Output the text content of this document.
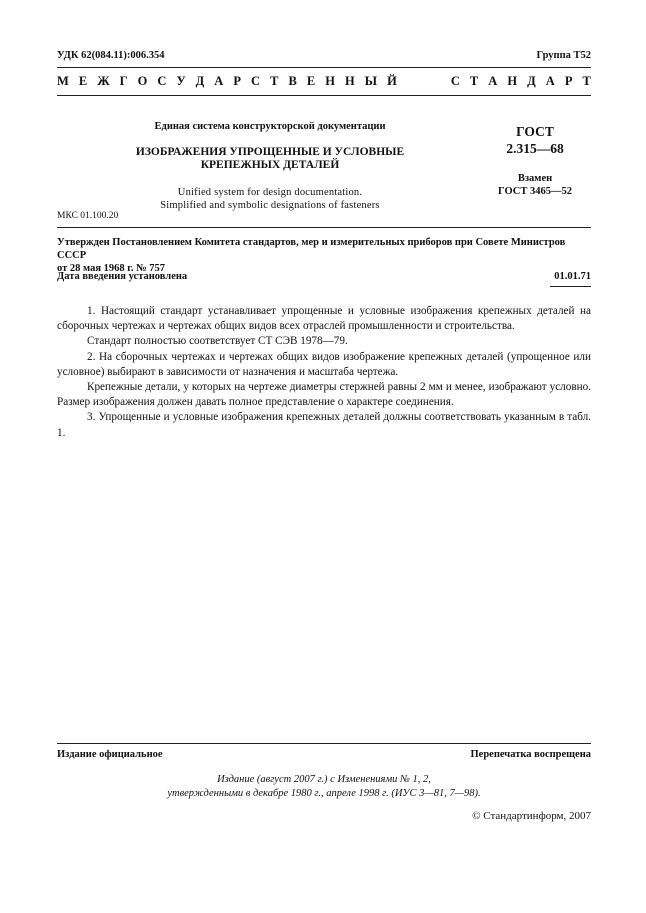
УДК 62(084.11):006.354	Группа Т52
М Е Ж Г О С У Д А Р С Т В Е Н Н Ы Й	С Т А Н Д А Р Т
Единая система конструкторской документации
ИЗОБРАЖЕНИЯ УПРОЩЕННЫЕ И УСЛОВНЫЕ
КРЕПЕЖНЫХ ДЕТАЛЕЙ
Unified system for design documentation.
Simplified and symbolic designations of fasteners
ГОСТ
2.315—68
Взамен
ГОСТ 3465—52
МКС 01.100.20
Утвержден Постановлением Комитета стандартов, мер и измерительных приборов при Совете Министров СССР
от 28 мая 1968 г. № 757
Дата введения установлена	01.01.71

1. Настоящий стандарт устанавливает упрощенные и условные изображения крепежных деталей на сборочных чертежах и чертежах общих видов всех отраслей промышленности и строительства.

Стандарт полностью соответствует СТ СЭВ 1978—79.

2. На сборочных чертежах и чертежах общих видов изображение крепежных деталей (упрощенное или условное) выбирают в зависимости от назначения и масштаба чертежа.

Крепежные детали, у которых на чертеже диаметры стержней равны 2 мм и менее, изображают условно. Размер изображения должен давать полное представление о характере соединения.

3. Упрощенные и условные изображения крепежных деталей должны соответствовать указанным в табл. 1.

Издание официальное	Перепечатка воспрещена
Издание (август 2007 г.) с Изменениями № 1, 2,
утвержденными в декабре 1980 г., апреле 1998 г. (ИУС 3—81, 7—98).
© Стандартинформ, 2007
